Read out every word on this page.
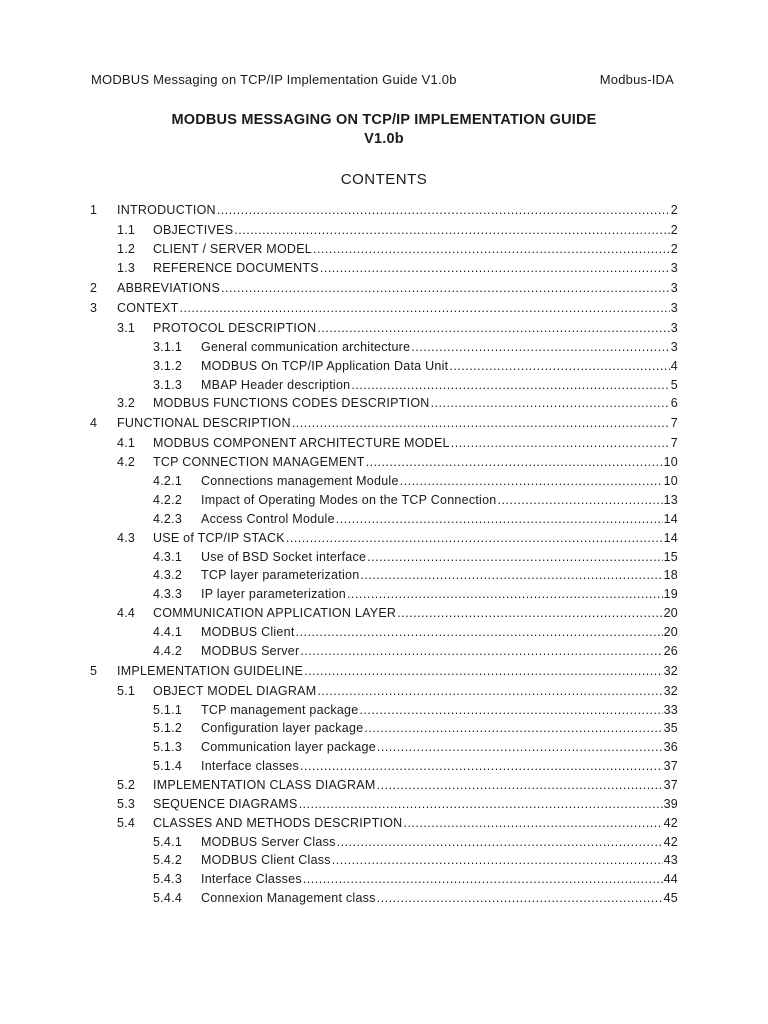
MODBUS Messaging on TCP/IP Implementation Guide V1.0b	Modbus-IDA
MODBUS MESSAGING ON TCP/IP IMPLEMENTATION GUIDE
V1.0b
CONTENTS
1 INTRODUCTION .....	2
1.1 OBJECTIVES .....	2
1.2 CLIENT / SERVER MODEL .....	2
1.3 REFERENCE DOCUMENTS .....	3
2 ABBREVIATIONS .....	3
3 CONTEXT .....	3
3.1 PROTOCOL DESCRIPTION .....	3
3.1.1 General communication architecture .....	3
3.1.2 MODBUS On TCP/IP Application Data Unit .....	4
3.1.3 MBAP Header description .....	5
3.2 MODBUS FUNCTIONS CODES DESCRIPTION .....	6
4 FUNCTIONAL DESCRIPTION .....	7
4.1 MODBUS COMPONENT ARCHITECTURE MODEL .....	7
4.2 TCP CONNECTION MANAGEMENT .....	10
4.2.1 Connections management Module .....	10
4.2.2 Impact of Operating Modes on the TCP Connection .....	13
4.2.3 Access Control Module .....	14
4.3 USE of TCP/IP STACK .....	14
4.3.1 Use of BSD Socket interface .....	15
4.3.2 TCP layer parameterization .....	18
4.3.3 IP layer parameterization .....	19
4.4 COMMUNICATION APPLICATION LAYER .....	20
4.4.1 MODBUS Client .....	20
4.4.2 MODBUS Server .....	26
5 IMPLEMENTATION GUIDELINE .....	32
5.1 OBJECT MODEL DIAGRAM .....	32
5.1.1 TCP management package .....	33
5.1.2 Configuration layer package .....	35
5.1.3 Communication layer package .....	36
5.1.4 Interface classes .....	37
5.2 IMPLEMENTATION CLASS DIAGRAM .....	37
5.3 SEQUENCE DIAGRAMS .....	39
5.4 CLASSES AND METHODS DESCRIPTION .....	42
5.4.1 MODBUS Server Class .....	42
5.4.2 MODBUS Client Class .....	43
5.4.3 Interface Classes .....	44
5.4.4 Connexion Management class .....	45
